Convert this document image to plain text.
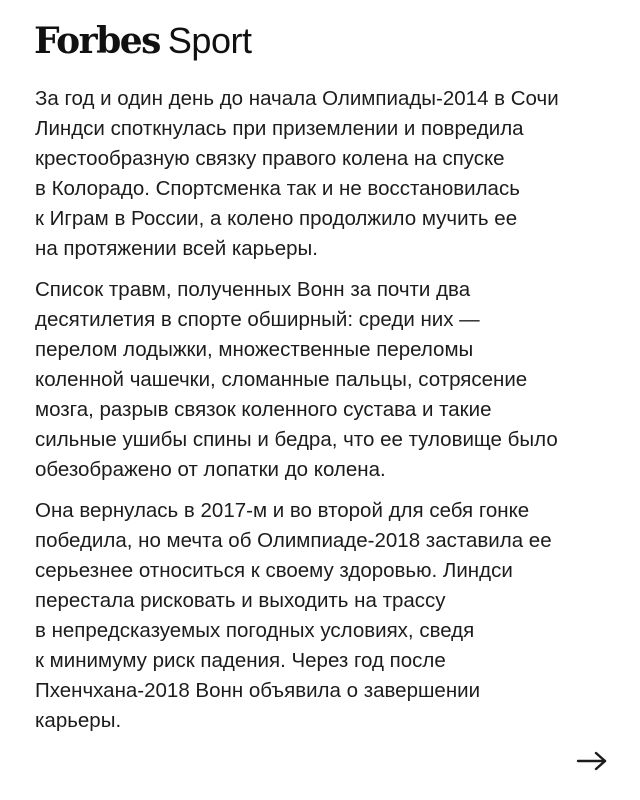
Forbes Sport

За год и один день до начала Олимпиады-2014 в Сочи
Линдси споткнулась при приземлении и повредила
крестообразную связку правого колена на спуске
в Колорадо. Спортсменка так и не восстановилась
к Играм в России, а колено продолжило мучить ее
на протяжении всей карьеры.

Список травм, полученных Вонн за почти два
десятилетия в спорте обширный: среди них —
перелом лодыжки, множественные переломы
коленной чашечки, сломанные пальцы, сотрясение
мозга, разрыв связок коленного сустава и такие
сильные ушибы спины и бедра, что ее туловище было
обезображено от лопатки до колена.

Она вернулась в 2017-м и во второй для себя гонке
победила, но мечта об Олимпиаде-2018 заставила ее
серьезнее относиться к своему здоровью. Линдси
перестала рисковать и выходить на трассу
в непредсказуемых погодных условиях, сведя
к минимуму риск падения. Через год после
Пхенчхана-2018 Вонн объявила о завершении
карьеры.
